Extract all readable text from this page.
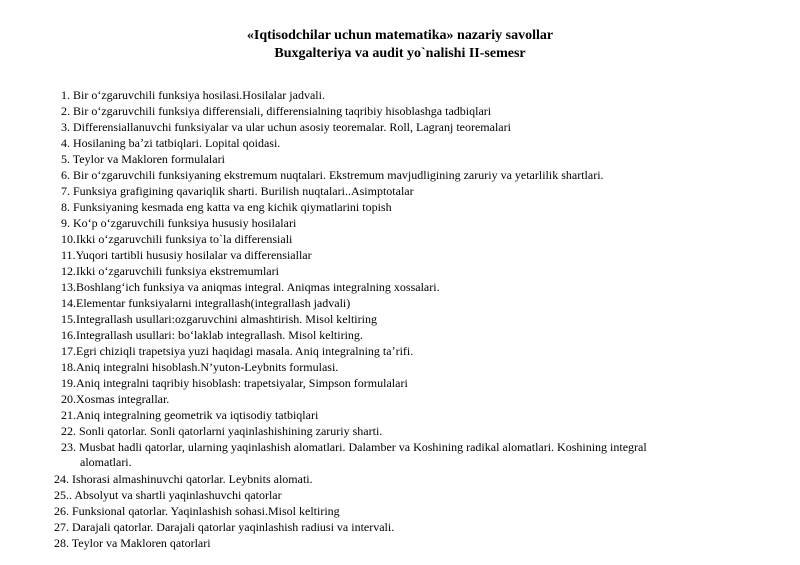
«Iqtisodchilar uchun matematika» nazariy savollar
Buxgalteriya va audit yo`nalishi II-semesr
1. Bir oʻzgaruvchili funksiya hosilasi.Hosilalar jadvali.
2. Bir oʻzgaruvchili funksiya differensiali, differensialning taqribiy hisoblashga tadbiqlari
3. Differensiallanuvchi funksiyalar va ular uchun asosiy teoremalar. Roll, Lagranj teoremalari
4. Hosilaning baʼzi tatbiqlari. Lopital qoidasi.
5. Teylor va Makloren formulalari
6. Bir oʻzgaruvchili funksiyaning ekstremum nuqtalari. Ekstremum mavjudligining zaruriy va yetarlilik shartlari.
7. Funksiya grafigining qavariqlik sharti. Burilish nuqtalari..Asimptotalar
8. Funksiyaning kesmada eng katta va eng kichik qiymatlarini topish
9. Koʻp oʻzgaruvchili funksiya hususiy hosilalari
10.Ikki oʻzgaruvchili funksiya to`la differensiali
11.Yuqori tartibli hususiy hosilalar va differensiallar
12.Ikki oʻzgaruvchili funksiya ekstremumlari
13.Boshlangʻich funksiya va aniqmas integral. Aniqmas integralning xossalari.
14.Elementar funksiyalarni integrallash(integrallash jadvali)
15.Integrallash usullari:ozgaruvchini almashtirish. Misol keltiring
16.Integrallash usullari: boʻlaklab integrallash. Misol keltiring.
17.Egri chiziqli trapetsiya yuzi haqidagi masala. Aniq integralning taʼrifi.
18.Aniq integralni hisoblash.N’yuton-Leybnits formulasi.
19.Aniq integralni taqribiy hisoblash: trapetsiyalar, Simpson formulalari
20.Xosmas integrallar.
21.Aniq integralning geometrik va iqtisodiy tatbiqlari
22. Sonli qatorlar. Sonli qatorlarni yaqinlashishining zaruriy sharti.
23. Musbat hadli qatorlar, ularning yaqinlashish alomatlari. Dalamber va Koshining radikal alomatlari. Koshining integral
alomatlari.
24. Ishorasi almashinuvchi qatorlar. Leybnits alomati.
25.. Absolyut va shartli yaqinlashuvchi qatorlar
26. Funksional qatorlar. Yaqinlashish sohasi.Misol keltiring
27. Darajali qatorlar. Darajali qatorlar yaqinlashish radiusi va intervali.
28. Teylor va Makloren qatorlari
